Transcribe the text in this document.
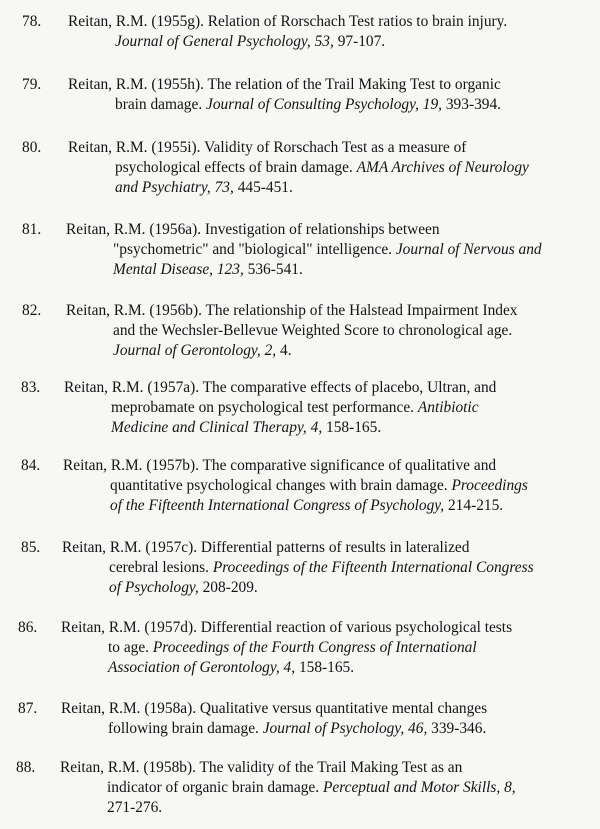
78. Reitan, R.M. (1955g). Relation of Rorschach Test ratios to brain injury.
Journal of General Psychology, 53, 97-107.
79. Reitan, R.M. (1955h). The relation of the Trail Making Test to organic
brain damage. Journal of Consulting Psychology, 19, 393-394.
80. Reitan, R.M. (1955i). Validity of Rorschach Test as a measure of
psychological effects of brain damage. AMA Archives of Neurology
and Psychiatry, 73, 445-451.
81. Reitan, R.M. (1956a). Investigation of relationships between
"psychometric" and "biological" intelligence. Journal of Nervous and
Mental Disease, 123, 536-541.
82. Reitan, R.M. (1956b). The relationship of the Halstead Impairment Index
and the Wechsler-Bellevue Weighted Score to chronological age.
Journal of Gerontology, 2, 4.
83. Reitan, R.M. (1957a). The comparative effects of placebo, Ultran, and
meprobamate on psychological test performance. Antibiotic
Medicine and Clinical Therapy, 4, 158-165.
84. Reitan, R.M. (1957b). The comparative significance of qualitative and
quantitative psychological changes with brain damage. Proceedings
of the Fifteenth International Congress of Psychology, 214-215.
85. Reitan, R.M. (1957c). Differential patterns of results in lateralized
cerebral lesions. Proceedings of the Fifteenth International Congress
of Psychology, 208-209.
86. Reitan, R.M. (1957d). Differential reaction of various psychological tests
to age. Proceedings of the Fourth Congress of International
Association of Gerontology, 4, 158-165.
87. Reitan, R.M. (1958a). Qualitative versus quantitative mental changes
following brain damage. Journal of Psychology, 46, 339-346.
88. Reitan, R.M. (1958b). The validity of the Trail Making Test as an
indicator of organic brain damage. Perceptual and Motor Skills, 8,
271-276.
